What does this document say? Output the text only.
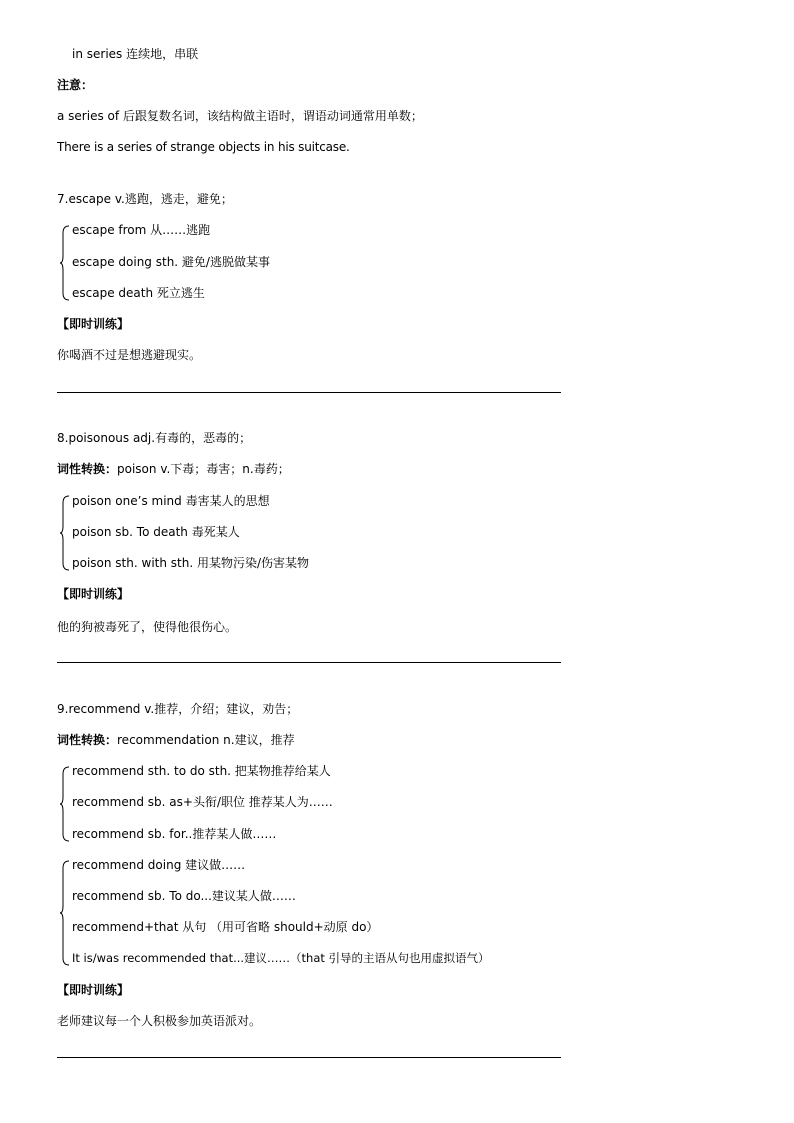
in series 连续地，串联
注意：
a series of 后跟复数名词，该结构做主语时，谓语动词通常用单数；
There is a series of strange objects in his suitcase.
7.escape v.逃跑，逃走，避免；
escape from 从……逃跑
escape doing sth. 避免/逃脱做某事
escape death 死立逃生
【即时训练】
你喝酒不过是想逃避现实。
8.poisonous adj.有毒的，恶毒的；
词性转换：poison v.下毒；毒害；n.毒药；
poison one’s mind 毒害某人的思想
poison sb. To death 毒死某人
poison sth. with sth. 用某物污染/伤害某物
【即时训练】
他的狗被毒死了，使得他很伤心。
9.recommend v.推荐，介绍；建议，劝告；
词性转换：recommendation n.建议，推荐
recommend sth. to do sth. 把某物推荐给某人
recommend sb. as+头衔/职位 推荐某人为……
recommend sb. for..推荐某人做……
recommend doing 建议做……
recommend sb. To do...建议某人做……
recommend+that 从句 （用可省略 should+动原 do）
It is/was recommended that...建议……（that 引导的主语从句也用虚拟语气）
【即时训练】
老师建议每一个人积极参加英语派对。
